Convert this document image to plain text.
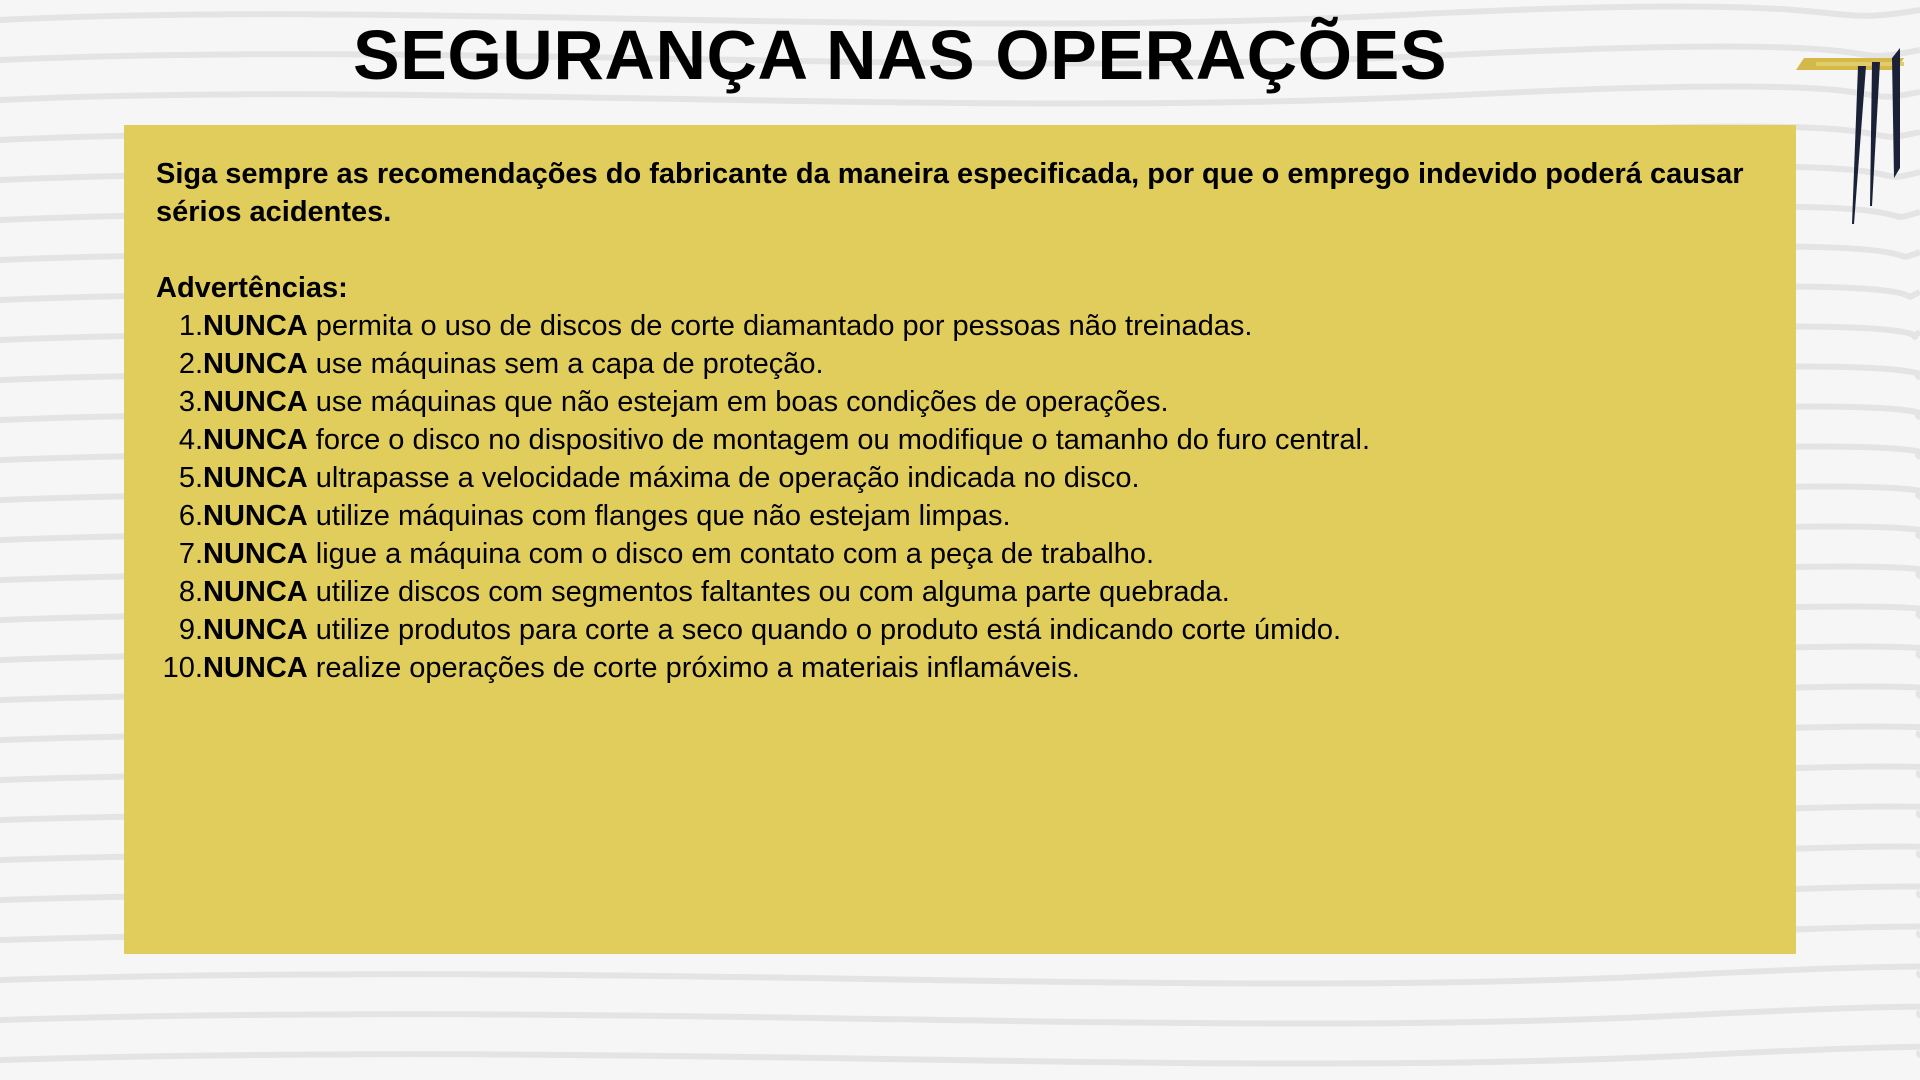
SEGURANÇA NAS OPERAÇÕES

Siga sempre as recomendações do fabricante da maneira especificada, por que o emprego indevido poderá causar sérios acidentes.

Advertências:

1. NUNCA permita o uso de discos de corte diamantado por pessoas não treinadas.
2. NUNCA use máquinas sem a capa de proteção.
3. NUNCA use máquinas que não estejam em boas condições de operações.
4. NUNCA force o disco no dispositivo de montagem ou modifique o tamanho do furo central.
5. NUNCA ultrapasse a velocidade máxima de operação indicada no disco.
6. NUNCA utilize máquinas com flanges que não estejam limpas.
7. NUNCA ligue a máquina com o disco em contato com a peça de trabalho.
8. NUNCA utilize discos com segmentos faltantes ou com alguma parte quebrada.
9. NUNCA utilize produtos para corte a seco quando o produto está indicando corte úmido.
10. NUNCA realize operações de corte próximo a materiais inflamáveis.
